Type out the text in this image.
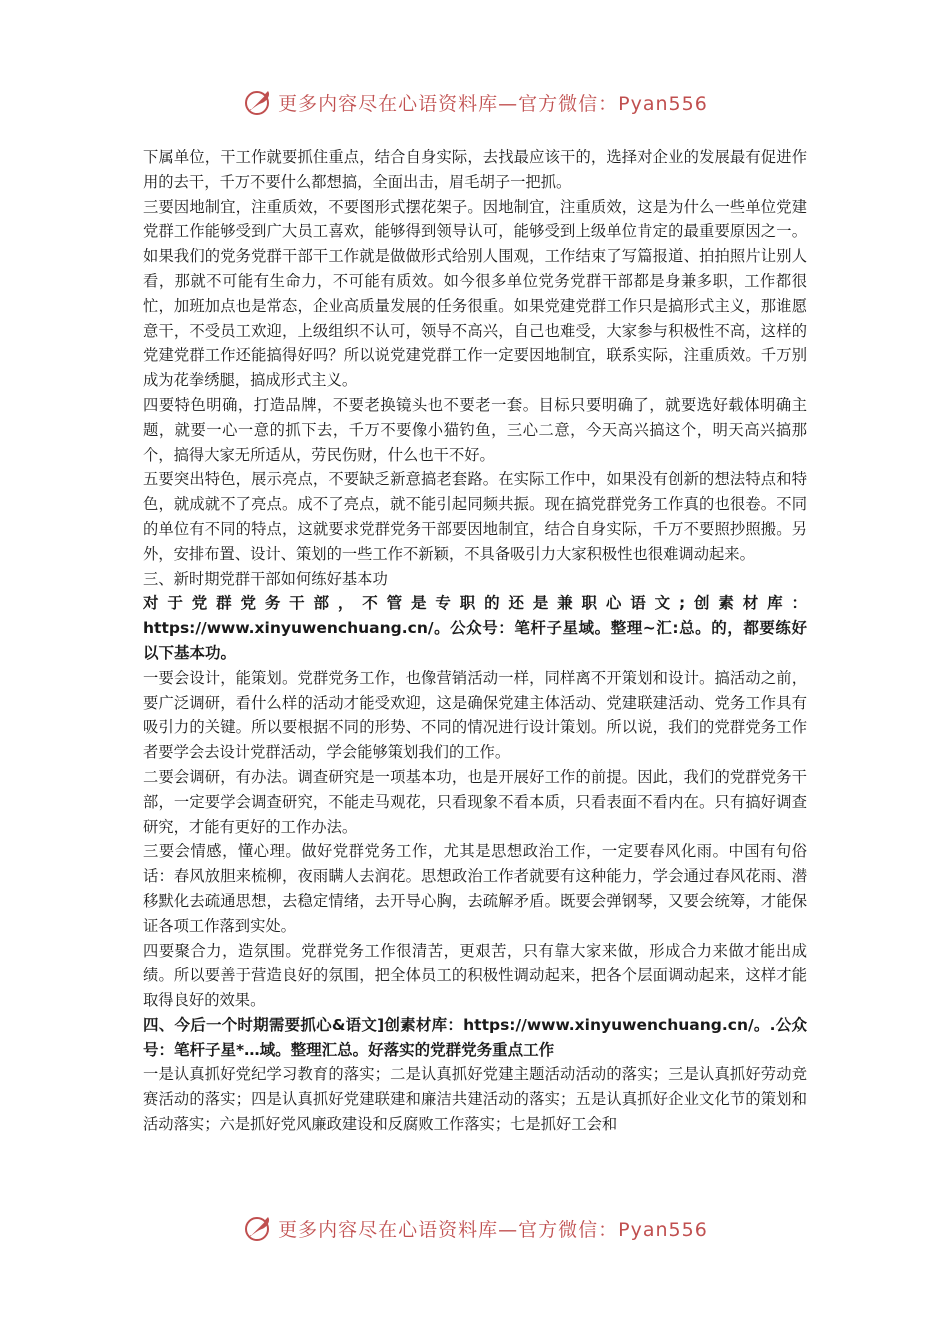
更多内容尽在心语资料库—官方微信：Pyan556

下属单位，干工作就要抓住重点，结合自身实际，去找最应该干的，选择对企业的发展最有促进作用的去干，千万不要什么都想搞，全面出击，眉毛胡子一把抓。

三要因地制宜，注重质效，不要图形式摆花架子。因地制宜，注重质效，这是为什么一些单位党建党群工作能够受到广大员工喜欢，能够得到领导认可，能够受到上级单位肯定的最重要原因之一。如果我们的党务党群干部干工作就是做做形式给别人围观，工作结束了写篇报道、拍拍照片让别人看，那就不可能有生命力，不可能有质效。如今很多单位党务党群干部都是身兼多职，工作都很忙，加班加点也是常态，企业高质量发展的任务很重。如果党建党群工作只是搞形式主义，那谁愿意干，不受员工欢迎，上级组织不认可，领导不高兴，自己也难受，大家参与积极性不高，这样的党建党群工作还能搞得好吗？所以说党建党群工作一定要因地制宜，联系实际，注重质效。千万别成为花拳绣腿，搞成形式主义。

四要特色明确，打造品牌，不要老换镜头也不要老一套。目标只要明确了，就要选好载体明确主题，就要一心一意的抓下去，千万不要像小猫钓鱼，三心二意，今天高兴搞这个，明天高兴搞那个，搞得大家无所适从，劳民伤财，什么也干不好。

五要突出特色，展示亮点，不要缺乏新意搞老套路。在实际工作中，如果没有创新的想法特点和特色，就成就不了亮点。成不了亮点，就不能引起同频共振。现在搞党群党务工作真的也很卷。不同的单位有不同的特点，这就要求党群党务干部要因地制宜，结合自身实际，千万不要照抄照搬。另外，安排布置、设计、策划的一些工作不新颖，不具备吸引力大家积极性也很难调动起来。

三、新时期党群干部如何练好基本功

对于党群党务干部，不管是专职的还是兼职心语文;创素材库：https://www.xinyuwenchuang.cn/。公众号：笔杆子星域。整理~汇:总。的，都要练好以下基本功。

一要会设计，能策划。党群党务工作，也像营销活动一样，同样离不开策划和设计。搞活动之前，要广泛调研，看什么样的活动才能受欢迎，这是确保党建主体活动、党建联建活动、党务工作具有吸引力的关键。所以要根据不同的形势、不同的情况进行设计策划。所以说，我们的党群党务工作者要学会去设计党群活动，学会能够策划我们的工作。

二要会调研，有办法。调查研究是一项基本功，也是开展好工作的前提。因此，我们的党群党务干部，一定要学会调查研究，不能走马观花，只看现象不看本质，只看表面不看内在。只有搞好调查研究，才能有更好的工作办法。

三要会情感，懂心理。做好党群党务工作，尤其是思想政治工作，一定要春风化雨。中国有句俗话：春风放胆来梳柳，夜雨瞒人去润花。思想政治工作者就要有这种能力，学会通过春风花雨、潜移默化去疏通思想，去稳定情绪，去开导心胸，去疏解矛盾。既要会弹钢琴，又要会统筹，才能保证各项工作落到实处。

四要聚合力，造氛围。党群党务工作很清苦，更艰苦，只有靠大家来做，形成合力来做才能出成绩。所以要善于营造良好的氛围，把全体员工的积极性调动起来，把各个层面调动起来，这样才能取得良好的效果。

四、今后一个时期需要抓心&语文]创素材库：https://www.xinyuwenchuang.cn/。.公众号：笔杆子星*…域。整理汇总。好落实的党群党务重点工作

一是认真抓好党纪学习教育的落实；二是认真抓好党建主题活动活动的落实；三是认真抓好劳动竞赛活动的落实；四是认真抓好党建联建和廉洁共建活动的落实；五是认真抓好企业文化节的策划和活动落实；六是抓好党风廉政建设和反腐败工作落实；七是抓好工会和

更多内容尽在心语资料库—官方微信：Pyan556
